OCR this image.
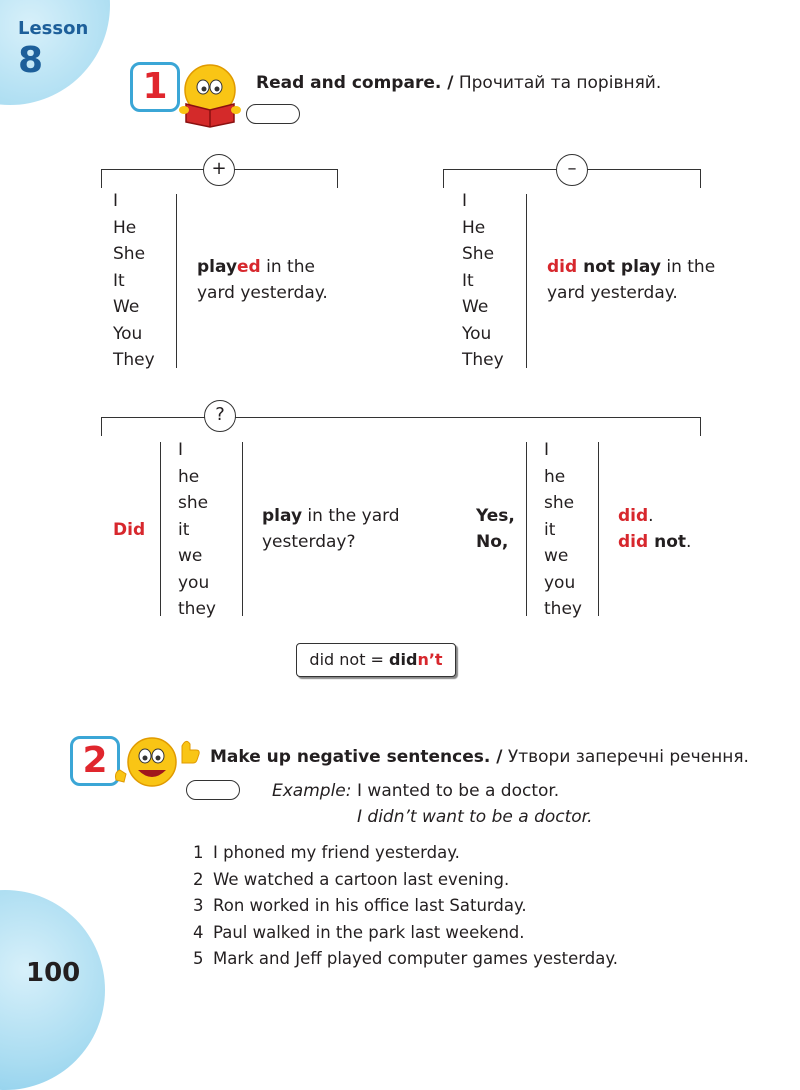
Lesson
8
100
1	Read and compare. / Прочитай та порівняй.
+
I
He
She
It
We
You
They
played in the
yard yesterday.
–
I
He
She
It
We
You
They
did not play in the
yard yesterday.
?
Did
I
he
she
it
we
you
they
play in the yard
yesterday?
Yes,
No,
I
he
she
it
we
you
they
did.
did not.
did not = didn’t
2	Make up negative sentences. / Утвори заперечні речення.
Example: I wanted to be a doctor.
I didn’t want to be a doctor.
1 I phoned my friend yesterday.
2 We watched a cartoon last evening.
3 Ron worked in his office last Saturday.
4 Paul walked in the park last weekend.
5 Mark and Jeff played computer games yesterday.
